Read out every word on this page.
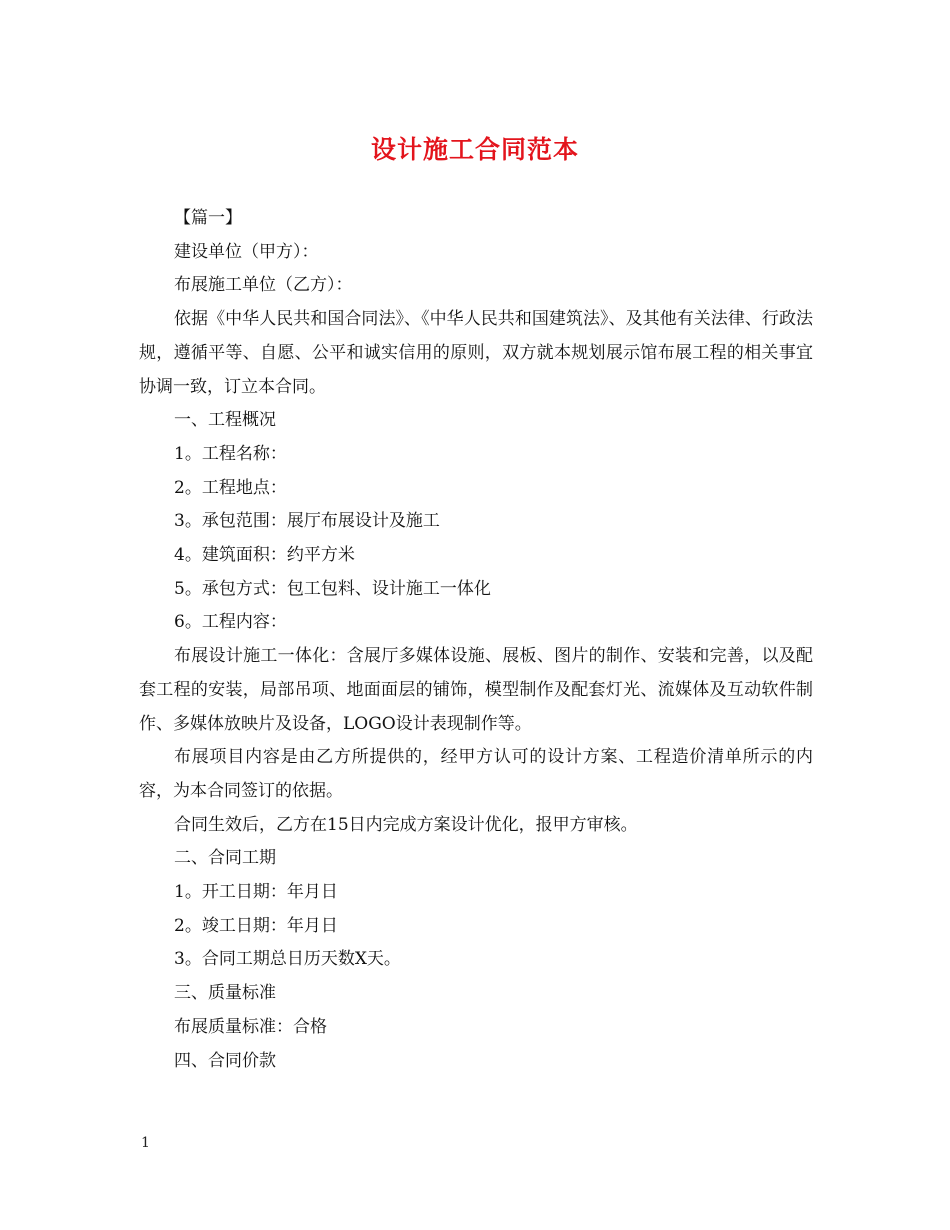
设计施工合同范本

【篇一】

建设单位（甲方）：

布展施工单位（乙方）：

依据《中华人民共和国合同法》、《中华人民共和国建筑法》、及其他有关法律、行政法规，遵循平等、自愿、公平和诚实信用的原则，双方就本规划展示馆布展工程的相关事宜协调一致，订立本合同。

一、工程概况

1。工程名称：

2。工程地点：

3。承包范围：展厅布展设计及施工

4。建筑面积：约平方米

5。承包方式：包工包料、设计施工一体化

6。工程内容：

布展设计施工一体化：含展厅多媒体设施、展板、图片的制作、安装和完善，以及配套工程的安装，局部吊项、地面面层的铺饰，模型制作及配套灯光、流媒体及互动软件制作、多媒体放映片及设备，LOGO设计表现制作等。

布展项目内容是由乙方所提供的，经甲方认可的设计方案、工程造价清单所示的内容，为本合同签订的依据。

合同生效后，乙方在15日内完成方案设计优化，报甲方审核。

二、合同工期

1。开工日期：年月日

2。竣工日期：年月日

3。合同工期总日历天数X天。

三、质量标准

布展质量标准：合格

四、合同价款

1
